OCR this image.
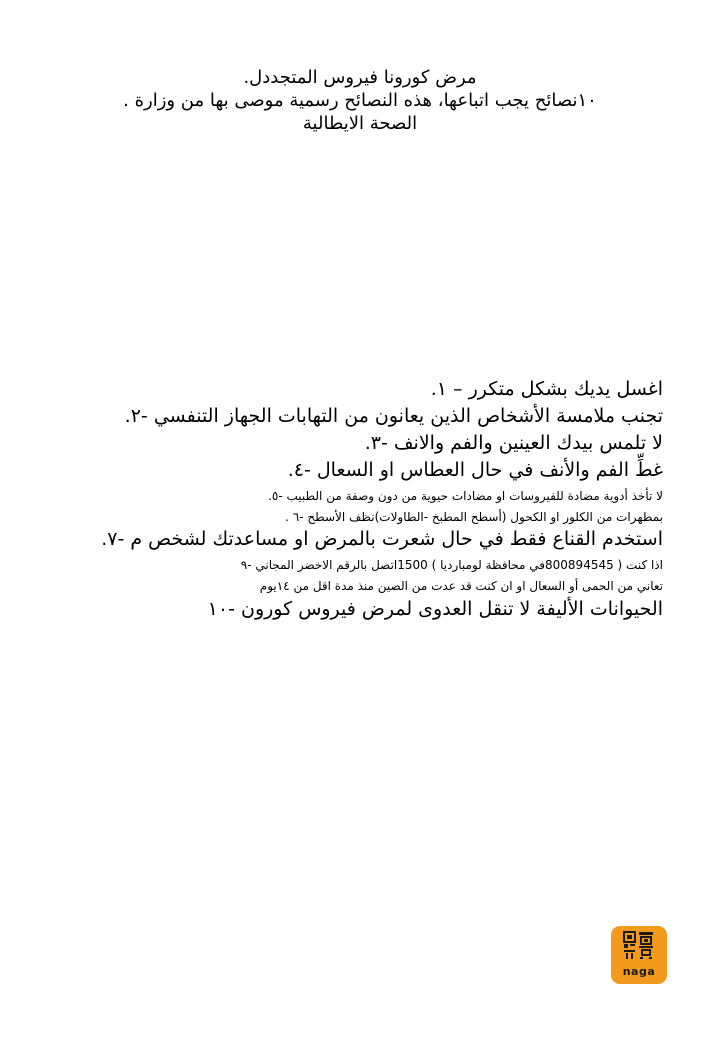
مرض كورونا فيروس المتجددل.
١٠نصائح يجب اتباعها، هذه النصائح رسمية موصى بها من وزارة .
الصحة الايطالية
اغسل يديك بشكل متكرر – ١.
تجنب ملامسة الأشخاص الذين يعانون من التهابات الجهاز التنفسي -٢.
لا تلمس بيدك العينين والفم والانف -٣.
غطِّ الفم والأنف في حال العطاس او السعال -٤.
لا تأخذ أدوية مضادة للفيروسات او مضادات حيوية من دون وصفة من الطبيب -٥.
بمطهرات من الكلور او الكحول (أسطح المطبخ -الطاولات)نظف الأسطح -٦ .
استخدم القناع فقط في حال شعرت بالمرض او مساعدتك لشخص م -٧.
اذا كنت ( 800894545في محافظة لومبارديا ) 1500اتصل بالرقم الاخضر المجاني -٩
تعاني من الحمى أو السعال او ان كنت قد عدت من الصين منذ مدة اقل من ١٤يوم
الحيوانات الأليفة لا تنقل العدوى لمرض فيروس كورون -١٠
naga
